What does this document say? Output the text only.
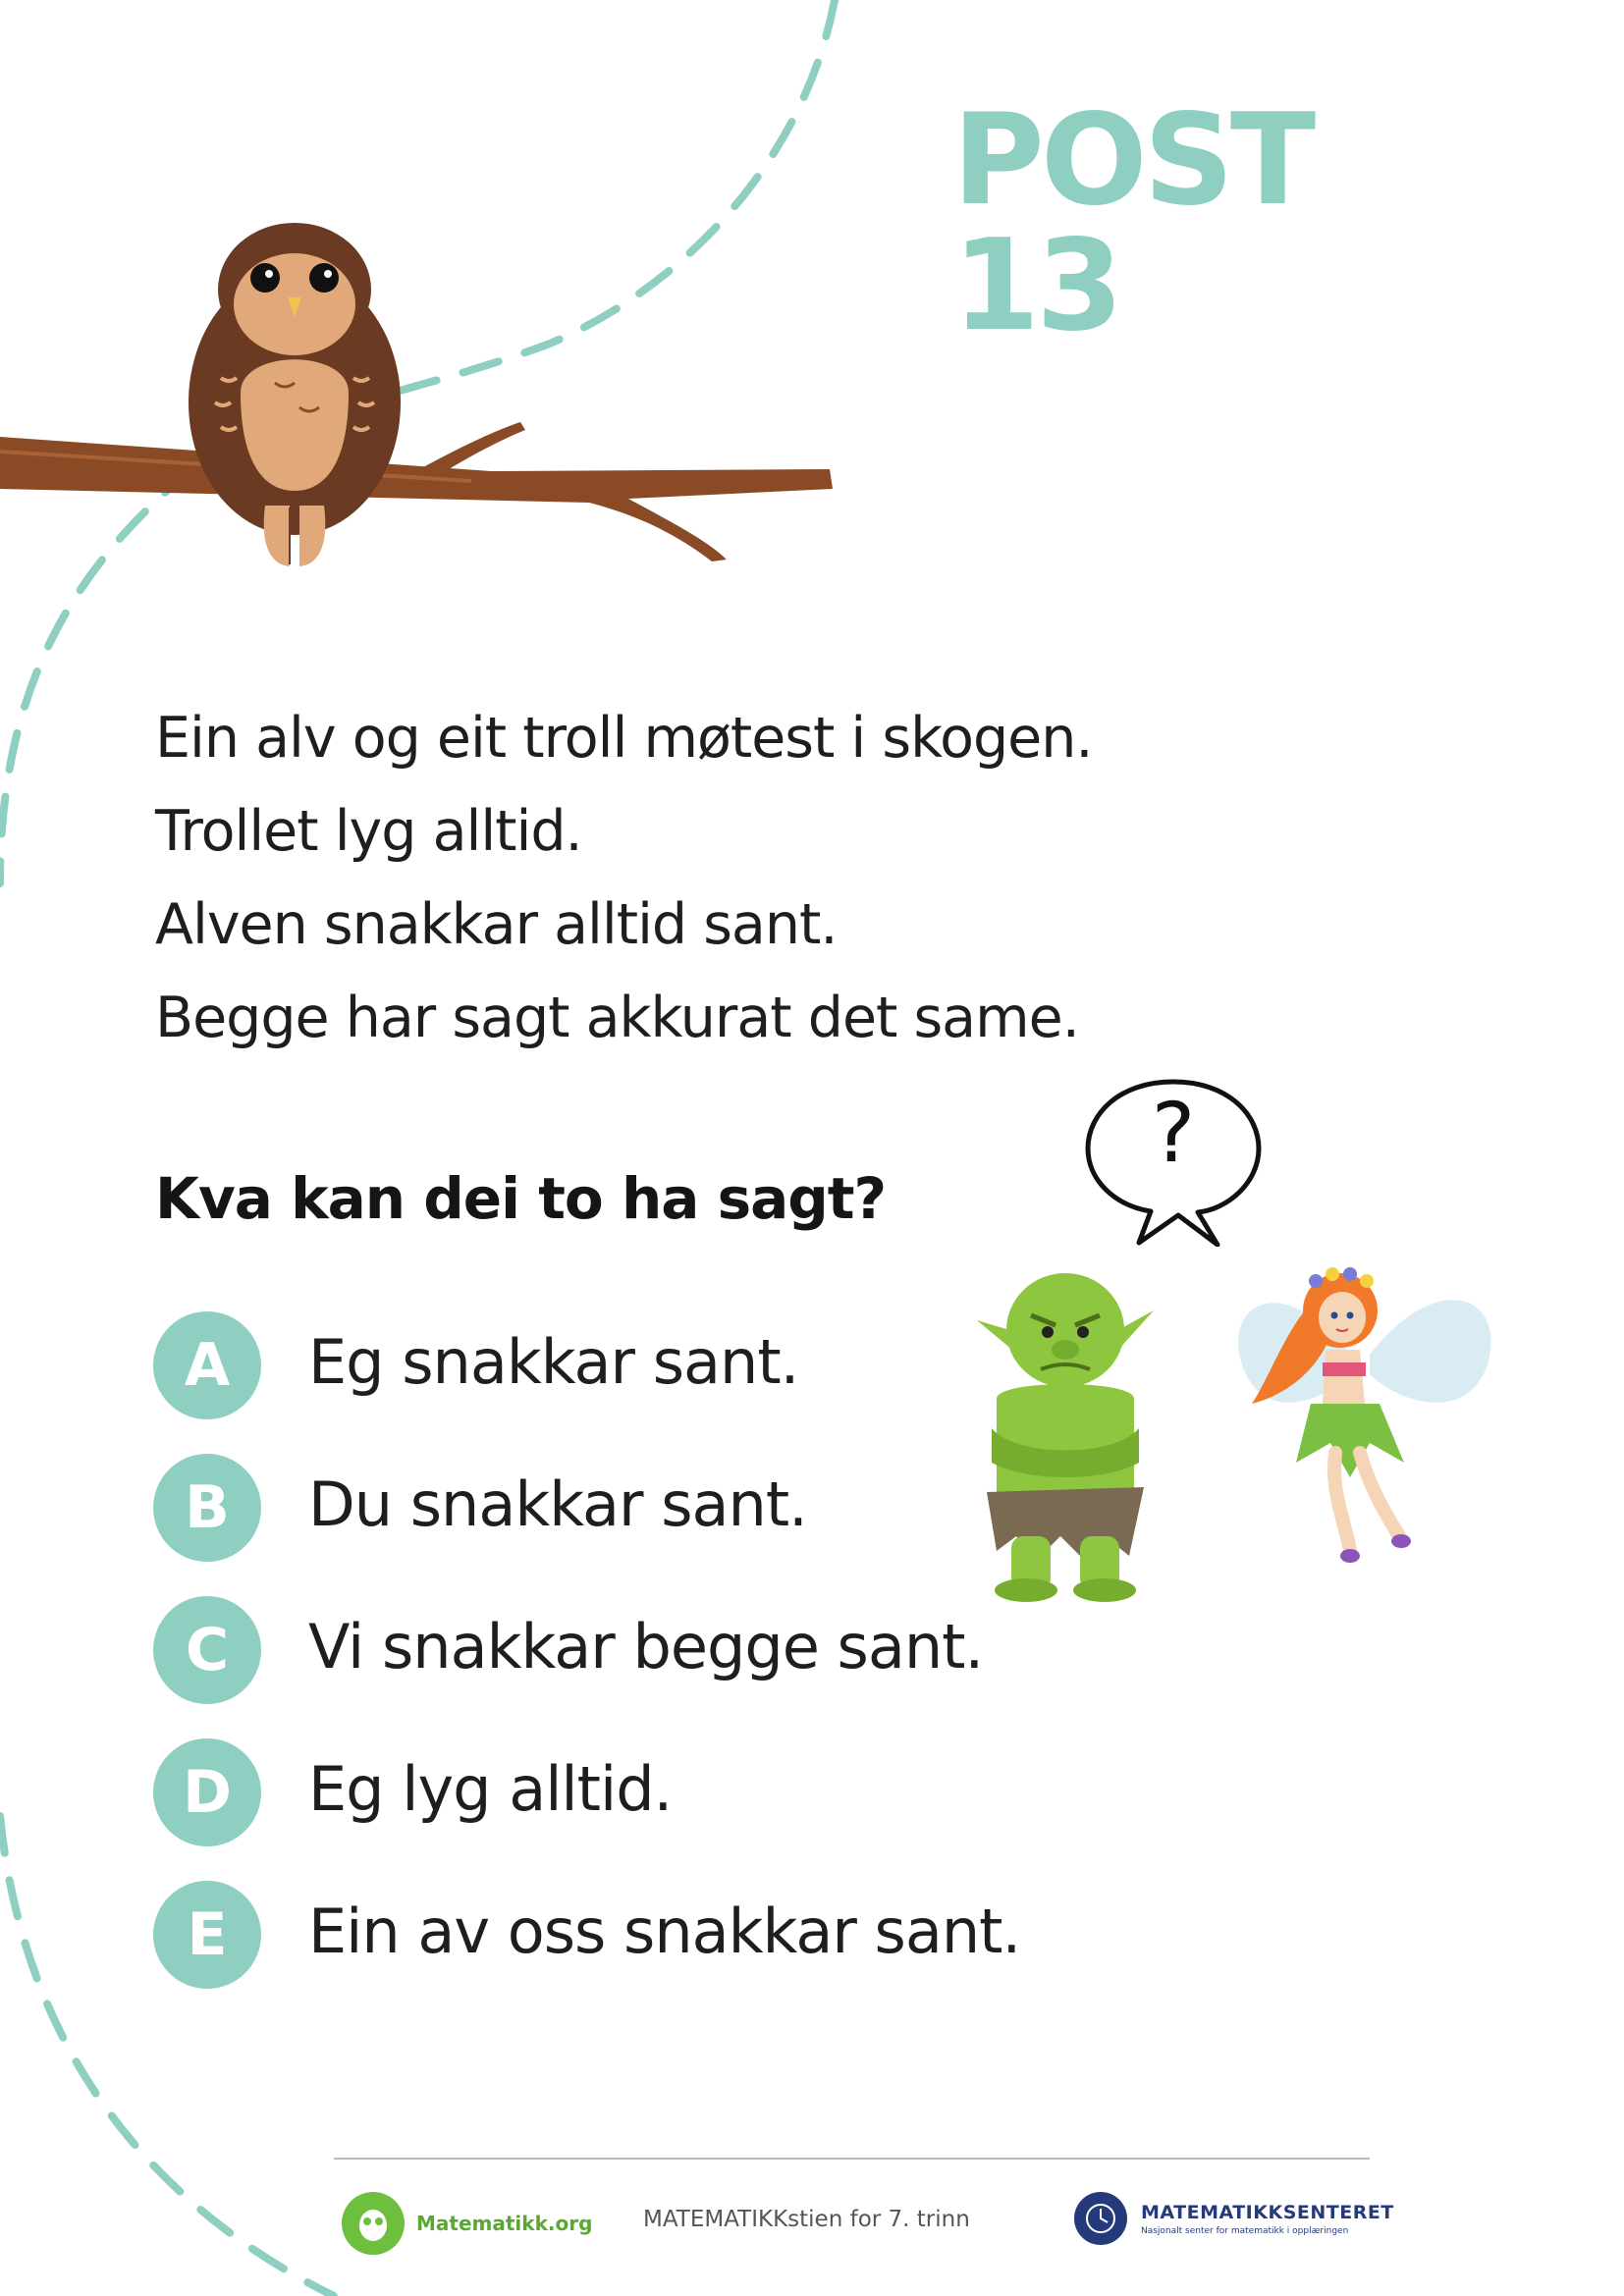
POST 13
Ein alv og eit troll møtest i skogen.
Trollet lyg alltid.
Alven snakkar alltid sant.
Begge har sagt akkurat det same.
Kva kan dei to ha sagt?
A	Eg snakkar sant.
B	Du snakkar sant.
C	Vi snakkar begge sant.
D	Eg lyg alltid.
E	Ein av oss snakkar sant.
?
Matematikk.org MATEMATIKKstien for 7. trinn	MATEMATIKKSENTERET
Nasjonalt senter for matematikk i opplæringen
